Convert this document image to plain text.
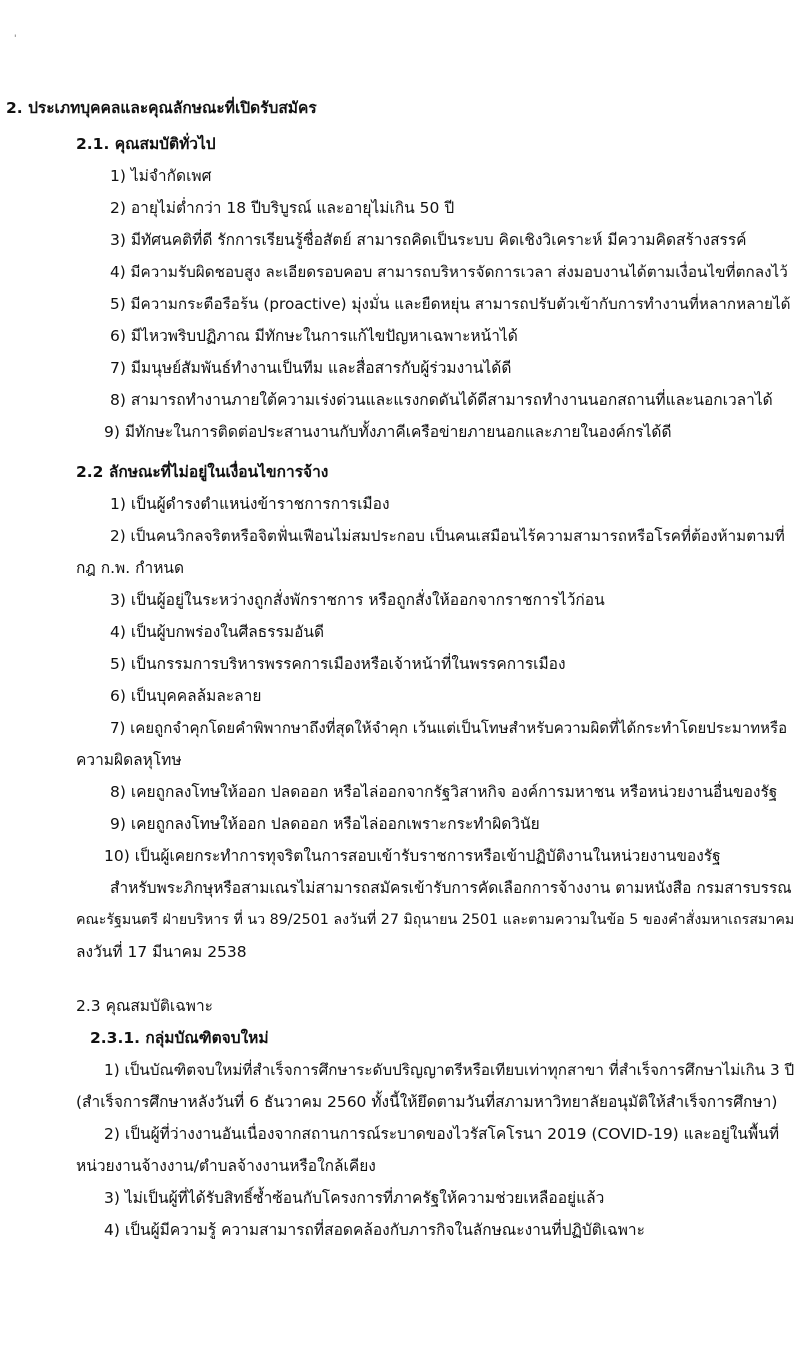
'
2. ประเภทบุคคลและคุณลักษณะที่เปิดรับสมัคร
2.1. คุณสมบัติทั่วไป
1) ไม่จำกัดเพศ
2) อายุไม่ต่ำกว่า 18 ปีบริบูรณ์ และอายุไม่เกิน 50 ปี
3) มีทัศนคติที่ดี รักการเรียนรู้ซื่อสัตย์ สามารถคิดเป็นระบบ คิดเชิงวิเคราะห์ มีความคิดสร้างสรรค์
4) มีความรับผิดชอบสูง ละเอียดรอบคอบ สามารถบริหารจัดการเวลา ส่งมอบงานได้ตามเงื่อนไขที่ตกลงไว้
5) มีความกระตือรือร้น (proactive) มุ่งมั่น และยืดหยุ่น สามารถปรับตัวเข้ากับการทำงานที่หลากหลายได้
6) มีไหวพริบปฏิภาณ มีทักษะในการแก้ไขปัญหาเฉพาะหน้าได้
7) มีมนุษย์สัมพันธ์ทำงานเป็นทีม และสื่อสารกับผู้ร่วมงานได้ดี
8) สามารถทำงานภายใต้ความเร่งด่วนและแรงกดดันได้ดีสามารถทำงานนอกสถานที่และนอกเวลาได้
9) มีทักษะในการติดต่อประสานงานกับทั้งภาคีเครือข่ายภายนอกและภายในองค์กรได้ดี
2.2 ลักษณะที่ไม่อยู่ในเงื่อนไขการจ้าง
1) เป็นผู้ดำรงตำแหน่งข้าราชการการเมือง
2) เป็นคนวิกลจริตหรือจิตฟั่นเฟือนไม่สมประกอบ เป็นคนเสมือนไร้ความสามารถหรือโรคที่ต้องห้ามตามที่
กฎ ก.พ. กำหนด
3) เป็นผู้อยู่ในระหว่างถูกสั่งพักราชการ หรือถูกสั่งให้ออกจากราชการไว้ก่อน
4) เป็นผู้บกพร่องในศีลธรรมอันดี
5) เป็นกรรมการบริหารพรรคการเมืองหรือเจ้าหน้าที่ในพรรคการเมือง
6) เป็นบุคคลล้มละลาย
7) เคยถูกจำคุกโดยคำพิพากษาถึงที่สุดให้จำคุก เว้นแต่เป็นโทษสำหรับความผิดที่ได้กระทำโดยประมาทหรือ
ความผิดลหุโทษ
8) เคยถูกลงโทษให้ออก ปลดออก หรือไล่ออกจากรัฐวิสาหกิจ องค์การมหาชน หรือหน่วยงานอื่นของรัฐ
9) เคยถูกลงโทษให้ออก ปลดออก หรือไล่ออกเพราะกระทำผิดวินัย
10) เป็นผู้เคยกระทำการทุจริตในการสอบเข้ารับราชการหรือเข้าปฏิบัติงานในหน่วยงานของรัฐ
สำหรับพระภิกษุหรือสามเณรไม่สามารถสมัครเข้ารับการคัดเลือกการจ้างงาน ตามหนังสือ กรมสารบรรณ
คณะรัฐมนตรี ฝ่ายบริหาร ที่ นว 89/2501 ลงวันที่ 27 มิถุนายน 2501 และตามความในข้อ 5 ของคำสั่งมหาเถรสมาคม
ลงวันที่ 17 มีนาคม 2538
2.3 คุณสมบัติเฉพาะ
2.3.1. กลุ่มบัณฑิตจบใหม่
1) เป็นบัณฑิตจบใหม่ที่สำเร็จการศึกษาระดับปริญญาตรีหรือเทียบเท่าทุกสาขา ที่สำเร็จการศึกษาไม่เกิน 3 ปี
(สำเร็จการศึกษาหลังวันที่ 6 ธันวาคม 2560 ทั้งนี้ให้ยึดตามวันที่สภามหาวิทยาลัยอนุมัติให้สำเร็จการศึกษา)
2) เป็นผู้ที่ว่างงานอันเนื่องจากสถานการณ์ระบาดของไวรัสโคโรนา 2019 (COVID-19) และอยู่ในพื้นที่
หน่วยงานจ้างงาน/ตำบลจ้างงานหรือใกล้เคียง
3) ไม่เป็นผู้ที่ได้รับสิทธิ์ซ้ำซ้อนกับโครงการที่ภาครัฐให้ความช่วยเหลืออยู่แล้ว
4) เป็นผู้มีความรู้ ความสามารถที่สอดคล้องกับภารกิจในลักษณะงานที่ปฏิบัติเฉพาะ
